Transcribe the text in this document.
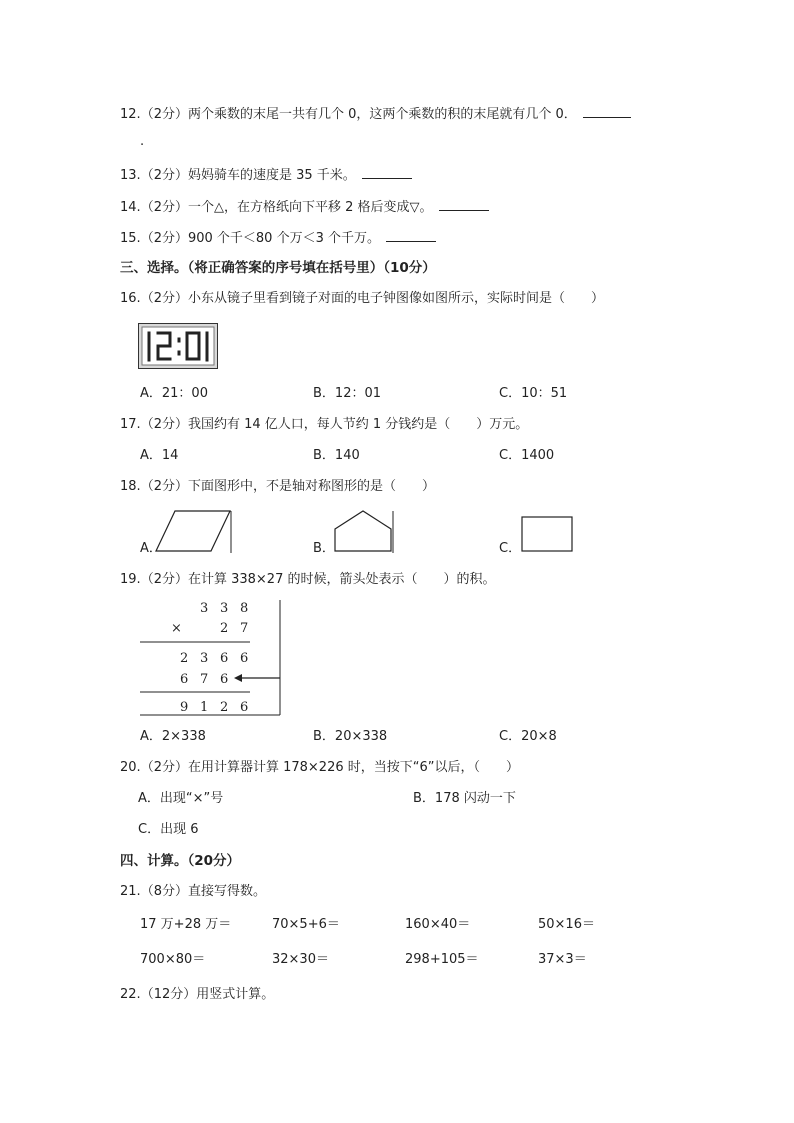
12.（2分）两个乘数的末尾一共有几个 0，这两个乘数的积的末尾就有几个 0．
.
13.（2分）妈妈骑车的速度是 35 千米。
14.（2分）一个△，在方格纸向下平移 2 格后变成▽。
15.（2分）900 个千＜80 个万＜3 个千万。
三、选择。（将正确答案的序号填在括号里）（10分）
16.（2分）小东从镜子里看到镜子对面的电子钟图像如图所示，实际时间是（　　）
A．21：00	B．12：01	C．10：51
17.（2分）我国约有 14 亿人口，每人节约 1 分钱约是（　　）万元。
A．14	B．140	C．1400
18.（2分）下面图形中，不是轴对称图形的是（　　）
A．	B．	C．
19.（2分）在计算 338×27 的时候，箭头处表示（　　）的积。
3 3 8
×	2 7
2 3 6 6
6 7 6
9 1 2 6
A．2×338	B．20×338	C．20×8
20.（2分）在用计算器计算 178×226 时，当按下“6”以后，（　　）
A．出现“×”号	B．178 闪动一下
C．出现 6
四、计算。（20分）
21.（8分）直接写得数。
17 万+28 万＝	70×5+6＝	160×40＝	50×16＝
700×80＝	32×30＝	298+105＝	37×3＝
22.（12分）用竖式计算。
